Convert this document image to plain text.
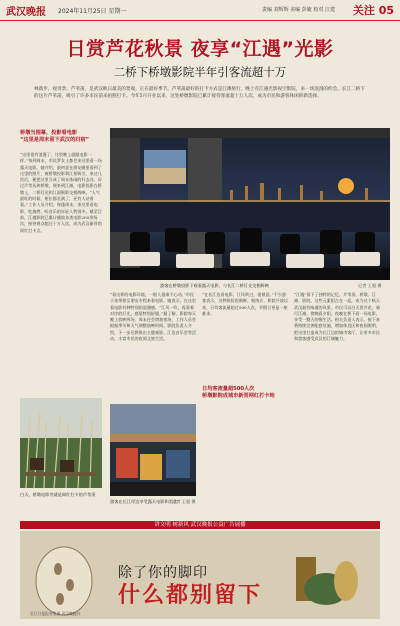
武汉晚报 2024年11月25日 星期一	责编 刘辉辉 美编 彭婕 校对 江建 关注 05
日赏芦花秋景 夜享“江遇”光影
二桥下桥墩影院半年引客流超十万
林荫步、观奇景、芦苇荡，是武汉秋日最美的景观。正在最好季节，芦苇荡最好的打卡方式是江滩骑行，晚上有江遇光影夜空影院，来一场浪漫的约会。长江二桥下的这片芦苇荡，吸引了许多市民前来拍照打卡。今年5月开业以来，这处桥墩影院已累计接待客流超十万人次，成为市民和游客休闲的新选择。
记者 王超 摄
游客在桥墩投影下观看露天电影，与长江二桥灯光交相辉映
桥墩当围幕，投影看电影
“这里是周末留下武汉的归宿”
“这里很有浪漫了，这里晚上就跟电影一样。”每到周末，市民罗女士都会来这里看一场露天电影。她介绍，最初是在朋友圈里看到了这里的照片，被桥墩投影和江景吸引，来过几次后，便把这里当成了周末休闲的好去处。穿过芦苇丛和桥墩，便来到江滩，电影投影在桥墩上，二桥灯光和江面倒影交相辉映。“人气最旺的时候，座位都坐满了，还有人站着看。”工作人员介绍，每逢周末，来这里看电影、吃烧烤、听音乐的年轻人特别多。截至目前，江遇影院已累计播放各类电影200余场次，接待观众超过十万人次，成为武汉新晋的网红打卡点。
白天，桥墩电影旁就是网红打卡的芦苇荡
“看这样的电影环境，一般人很难不心动。”市民小张带着女朋友专程来看电影，她表示，在这里看电影有种特别的浪漫感，“江风一吹，再看着对岸的灯光，感觉特别舒服。”据了解，影院每天晚上放映两场，周末还会增加夜场，工作人员会根据季节和天气调整放映时间。影院负责人介绍，下一步还将推出主题观影、江边音乐会等活动，丰富市民的夜间文旅生活。
游客在长江岸边享受露天电影和美食
记者 王超 摄
“在长江边看电影，江风吹过，很惬意。”不少游客表示，这种体验很新鲜。据统计，影院开放以来，日均客流量超过500人次，节假日更是一座难求。
日均客流量超500人次
桥墩影院成城市新晋网红打卡地
“江遇”留下了独特的记忆。芦苇荡、桥墩、江滩、影院，这些元素组合在一起，成为这个秋天武汉最有味道的风景。市民可以白天赏芦花、骑行江滩，傍晚看夕阳，夜晚在桥下看一场电影，享受一整天的慢生活。相关负责人表示，接下来将持续完善配套设施，增加休息区和夜间照明，把这里打造成为长江边的城市客厅，让更多市民和游客感受武汉的江城魅力。
讲文明 树新风 武汉晚报公益广告展播
除了你的脚印
什么都别留下
长江日报报业集团 武汉晚报社
